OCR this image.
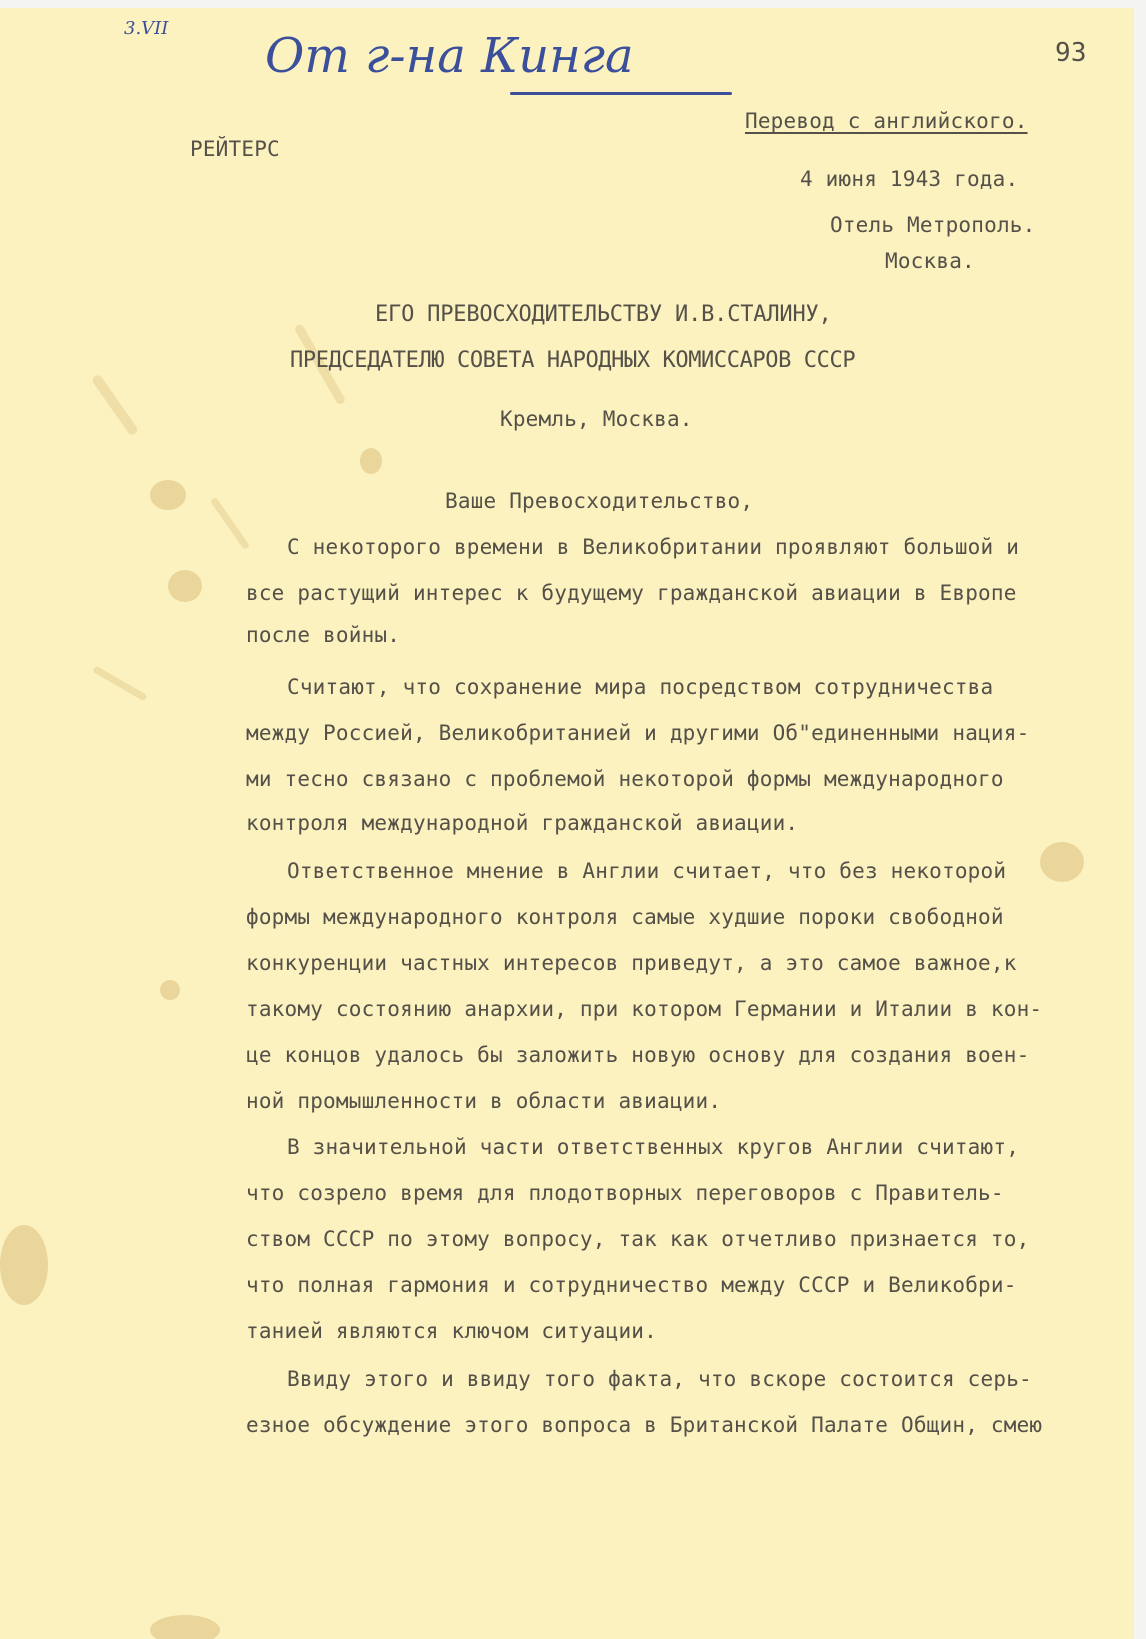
3.VII От г-на Кинга	93
Перевод с английского.
РЕЙТЕРС
4 июня 1943 года.
Отель Метрополь.
Москва.
ЕГО ПРЕВОСХОДИТЕЛЬСТВУ И.В.СТАЛИНУ,
ПРЕДСЕДАТЕЛЮ СОВЕТА НАРОДНЫХ КОМИССАРОВ СССР
Кремль, Москва.
Ваше Превосходительство,
С некоторого времени в Великобритании проявляют большой и
все растущий интерес к будущему гражданской авиации в Европе
после войны.
Считают, что сохранение мира посредством сотрудничества
между Россией, Великобританией и другими Об"единенными нация-
ми тесно связано с проблемой некоторой формы международного
контроля международной гражданской авиации.
Ответственное мнение в Англии считает, что без некоторой
формы международного контроля самые худшие пороки свободной
конкуренции частных интересов приведут, а это самое важное,к
такому состоянию анархии, при котором Германии и Италии в кон-
це концов удалось бы заложить новую основу для создания воен-
ной промышленности в области авиации.
В значительной части ответственных кругов Англии считают,
что созрело время для плодотворных переговоров с Правитель-
ством СССР по этому вопросу, так как отчетливо признается то,
что полная гармония и сотрудничество между СССР и Великобри-
танией являются ключом ситуации.
Ввиду этого и ввиду того факта, что вскоре состоится серь-
езное обсуждение этого вопроса в Британской Палате Общин, смею
